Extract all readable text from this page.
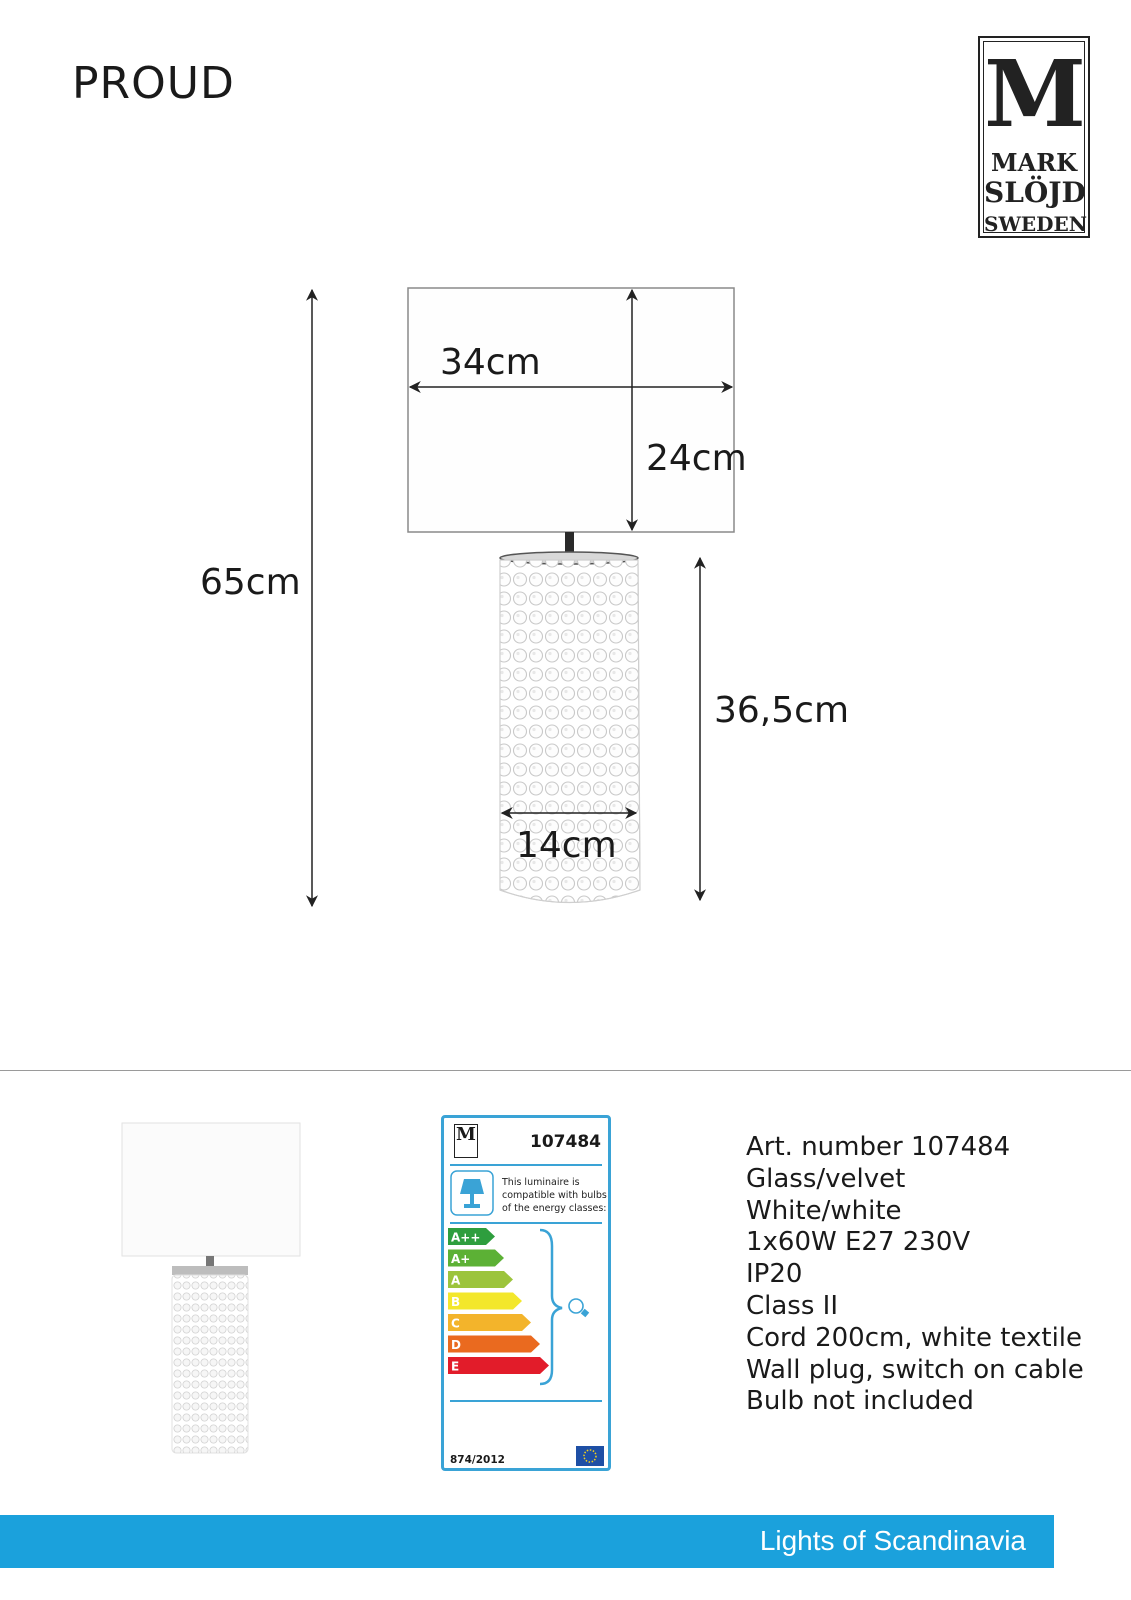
PROUD	M
MARK
SLÖJD
SWEDEN
34cm
24cm
65cm
36,5cm
14cm
M	107484
This luminaire is compatible with bulbs of the energy classes:
A++
A+
A
B
C
D
E
874/2012
Art. number 107484
Glass/velvet
White/white
1x60W E27 230V
IP20
Class II
Cord 200cm, white textile
Wall plug, switch on cable
Bulb not included
Lights of Scandinavia
